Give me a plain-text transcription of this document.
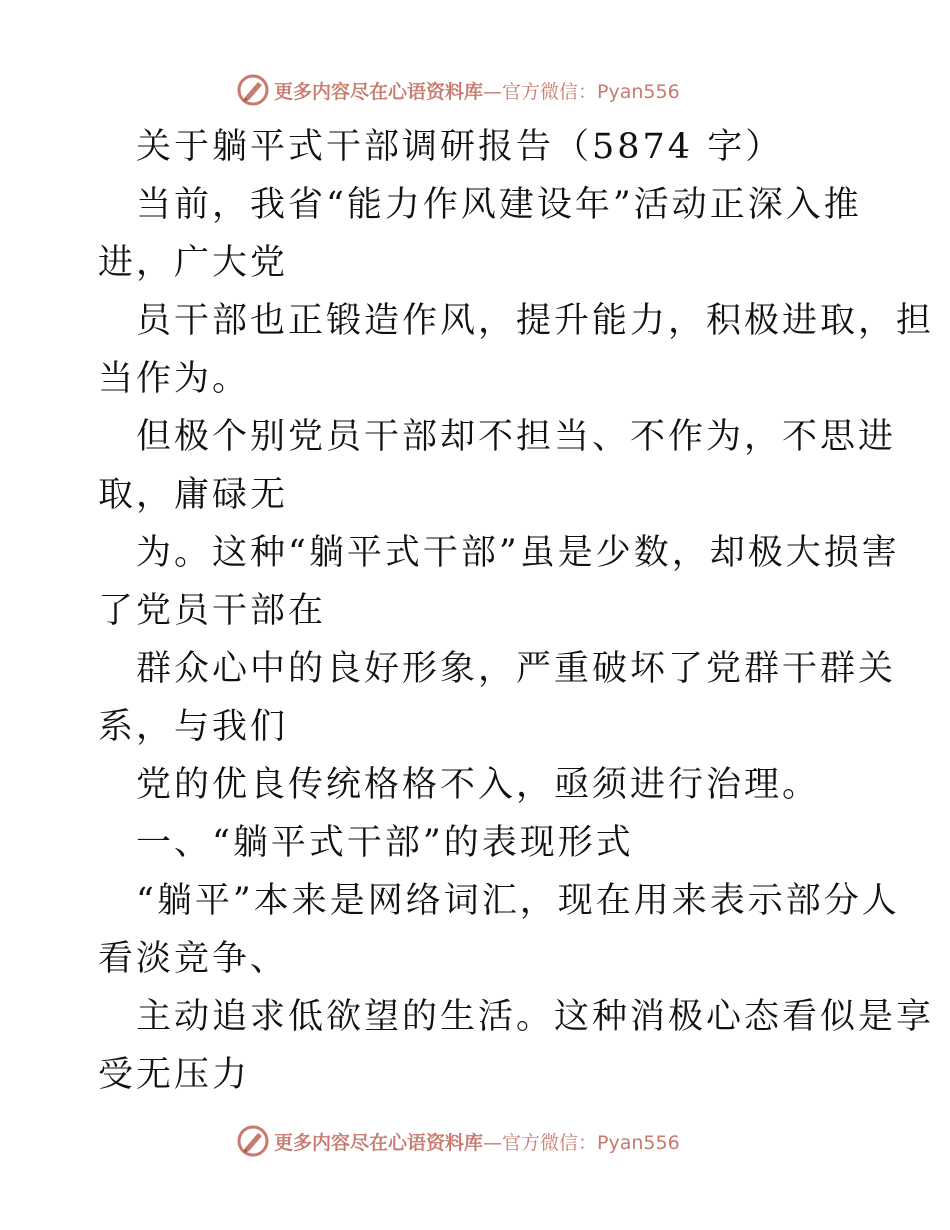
更多内容尽在心语资料库 —官方微信：Pyan556

关于躺平式干部调研报告（5874 字）

当前，我省“能力作风建设年”活动正深入推

进，广大党

员干部也正锻造作风，提升能力，积极进取，担

当作为。

但极个别党员干部却不担当、不作为，不思进

取，庸碌无

为。这种“躺平式干部”虽是少数，却极大损害

了党员干部在

群众心中的良好形象，严重破坏了党群干群关

系，与我们

党的优良传统格格不入，亟须进行治理。

一、“躺平式干部”的表现形式

“躺平”本来是网络词汇，现在用来表示部分人

看淡竞争、

主动追求低欲望的生活。这种消极心态看似是享

受无压力

更多内容尽在心语资料库 —官方微信：Pyan556
